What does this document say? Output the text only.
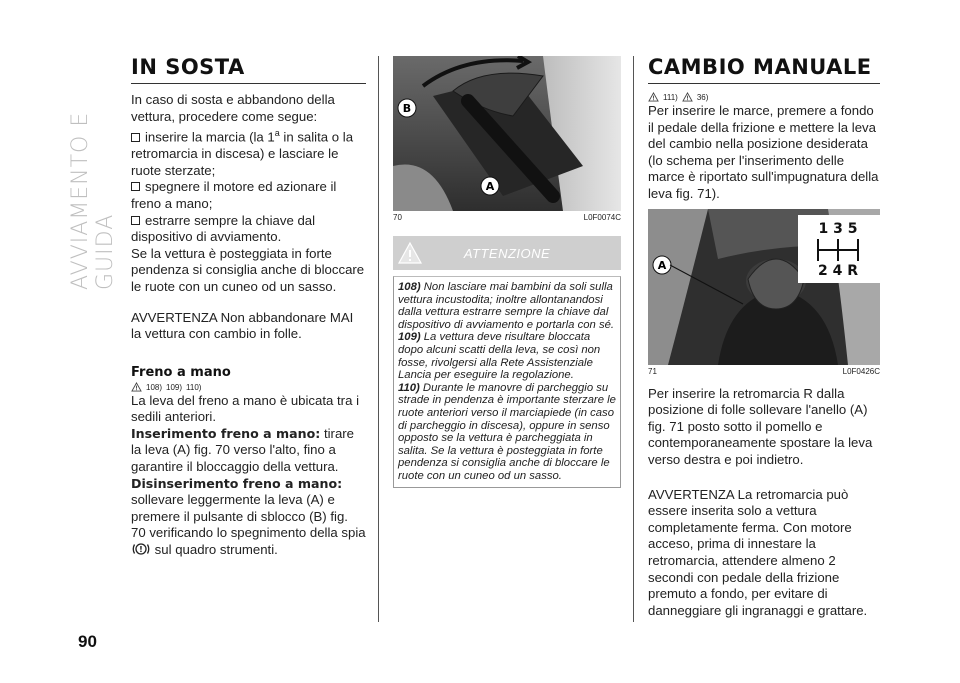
AVVIAMENTO E GUIDA
90
IN SOSTA
In caso di sosta e abbandono della vettura, procedere come segue:
inserire la marcia (la 1$^a$ in salita o la retromarcia in discesa) e lasciare le ruote sterzate;
spegnere il motore ed azionare il freno a mano;
estrarre sempre la chiave dal dispositivo di avviamento.
Se la vettura è posteggiata in forte pendenza si consiglia anche di bloccare le ruote con un cuneo od un sasso.
AVVERTENZA Non abbandonare MAI la vettura con cambio in folle.
Freno a mano
108) 109) 110)
La leva del freno a mano è ubicata tra i sedili anteriori.
Inserimento freno a mano: tirare la leva (A) fig. 70 verso l'alto, fino a garantire il bloccaggio della vettura.
Disinserimento freno a mano:
sollevare leggermente la leva (A) e premere il pulsante di sblocco (B) fig. 70 verificando lo spegnimento della spia
! sul quadro strumenti.
B
A
70	L0F0074C
ATTENZIONE
108) Non lasciare mai bambini da soli sulla vettura incustodita; inoltre allontanandosi dalla vettura estrarre sempre la chiave dal dispositivo di avviamento e portarla con sé.
109) La vettura deve risultare bloccata dopo alcuni scatti della leva, se così non fosse, rivolgersi alla Rete Assistenziale Lancia per eseguire la regolazione.
110) Durante le manovre di parcheggio su strade in pendenza è importante sterzare le ruote anteriori verso il marciapiede (in caso di parcheggio in discesa), oppure in senso opposto se la vettura è parcheggiata in salita. Se la vettura è posteggiata in forte pendenza si consiglia anche di bloccare le ruote con un cuneo od un sasso.
CAMBIO MANUALE
111) 36)
Per inserire le marce, premere a fondo il pedale della frizione e mettere la leva del cambio nella posizione desiderata (lo schema per l'inserimento delle marce è riportato sull'impugnatura della leva fig. 71).
1 3 5
2 4 R
A
71	L0F0426C
Per inserire la retromarcia R dalla posizione di folle sollevare l'anello (A) fig. 71 posto sotto il pomello e contemporaneamente spostare la leva verso destra e poi indietro.
AVVERTENZA La retromarcia può essere inserita solo a vettura completamente ferma. Con motore acceso, prima di innestare la retromarcia, attendere almeno 2 secondi con pedale della frizione premuto a fondo, per evitare di danneggiare gli ingranaggi e grattare.
